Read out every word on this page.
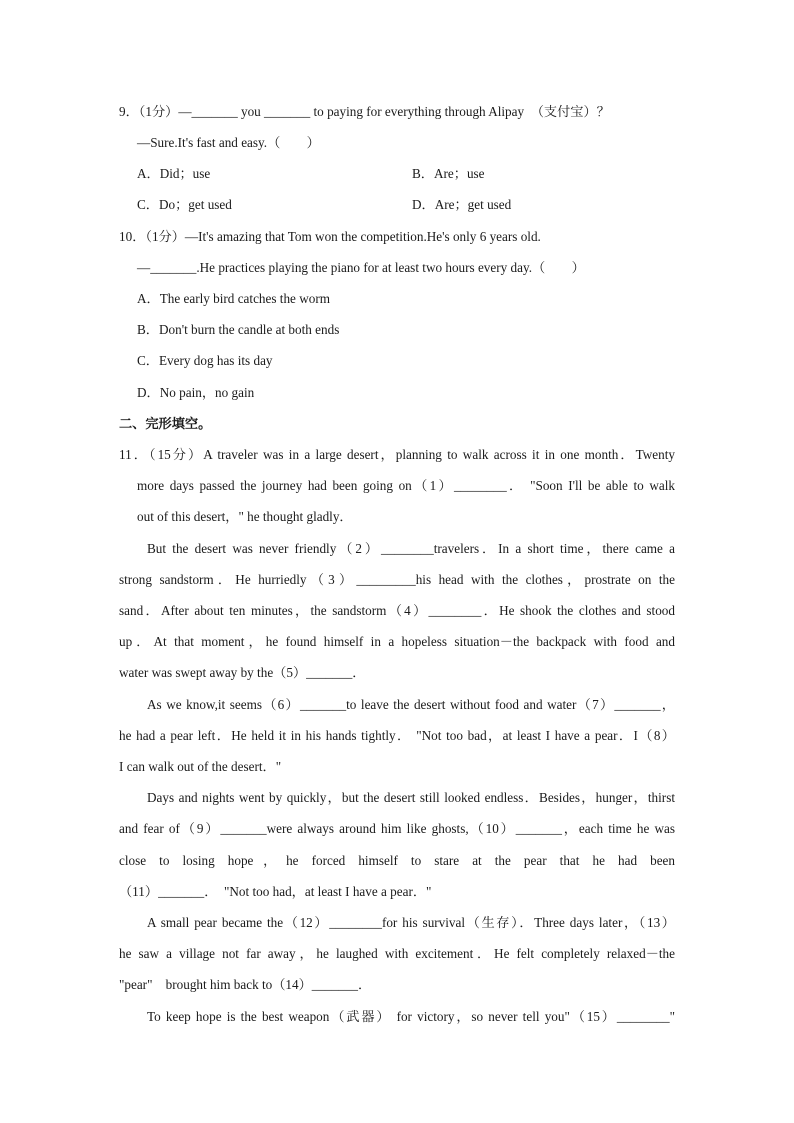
9．（1分）—_______ you _______ to paying for everything through Alipay  （支付宝）？
—Sure.It's fast and easy.（　　）
A．Did；use	B．Are；use
C．Do；get used	D．Are；get used
10．（1分）—It's amazing that Tom won the competition.He's only 6 years old.
—_______.He practices playing the piano for at least two hours every day.（　　）
A．The early bird catches the worm
B．Don't burn the candle at both ends
C．Every dog has its day
D．No pain，no gain
二、完形填空。
11．（15分）A traveler was in a large desert，planning to walk across it in one month．Twenty
more days passed the journey had been going on（1）________． "Soon I'll be able to walk
out of this desert，" he thought gladly．
But the desert was never friendly（2）________travelers．In a short time，there came a
strong sandstorm．He hurriedly（3）_________his head with the clothes，prostrate on the
sand．After about ten minutes，the sandstorm（4）________．He shook the clothes and stood
up．At that moment，he found himself in a hopeless situation－the backpack with food and
water was swept away by the（5）_______．
As we know,it seems（6）_______to leave the desert without food and water（7）_______，
he had a pear left．He held it in his hands tightly． "Not too bad，at least I have a pear．I（8）
I can walk out of the desert．"
Days and nights went by quickly，but the desert still looked endless．Besides，hunger，thirst
and fear of（9）_______were always around him like ghosts,（10）_______，each time he was
close to losing hope，he forced himself to stare at the pear that he had been
（11）_______．  "Not too had，at least I have a pear．"
A small pear became the（12）________for his survival（生存）．Three days later，（13）
he saw a village not far away，he laughed with excitement．He felt completely relaxed－the
"pear"    brought him back to（14）_______．
To keep hope is the best weapon（武器） for victory，so never tell you"（15）________"
